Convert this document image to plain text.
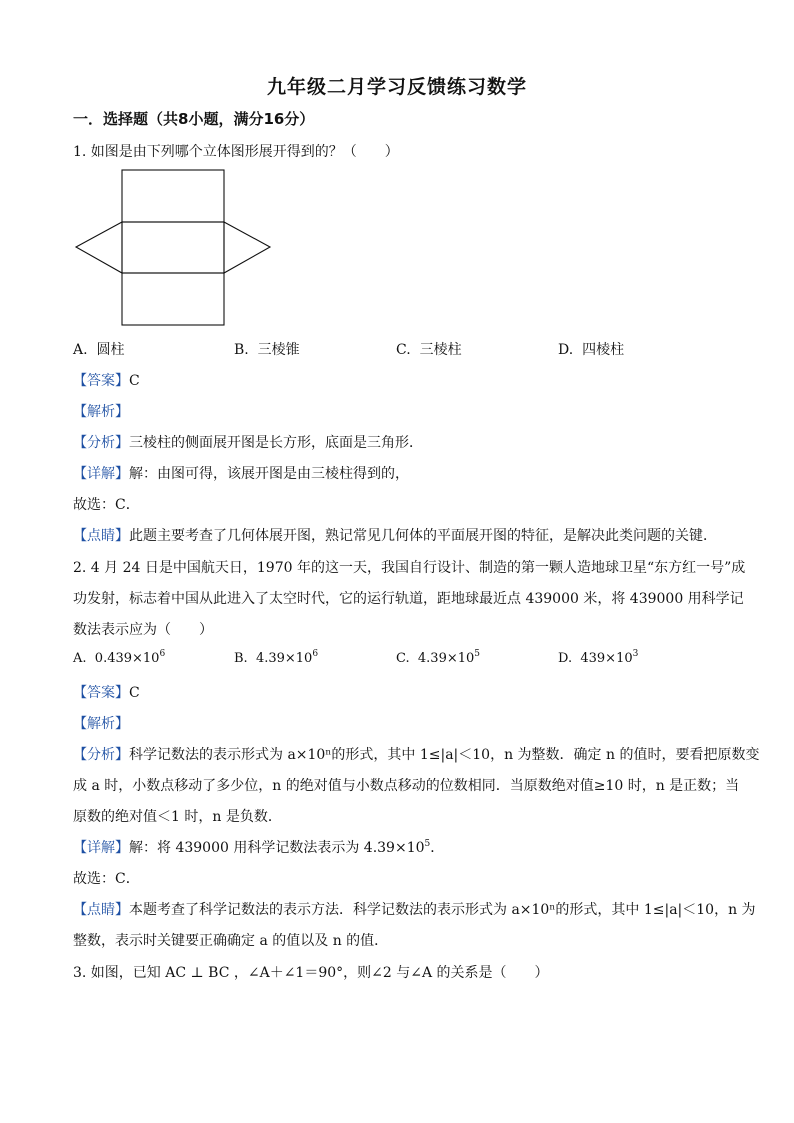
九年级二月学习反馈练习数学
一．选择题（共8小题，满分16分）
1. 如图是由下列哪个立体图形展开得到的？（　　）
A. 圆柱	B. 三棱锥	C. 三棱柱	D. 四棱柱
【答案】C
【解析】
【分析】三棱柱的侧面展开图是长方形，底面是三角形．
【详解】解：由图可得，该展开图是由三棱柱得到的，
故选：C．
【点睛】此题主要考查了几何体展开图，熟记常见几何体的平面展开图的特征，是解决此类问题的关键．
2. 4 月 24 日是中国航天日，1970 年的这一天，我国自行设计、制造的第一颗人造地球卫星“东方红一号”成
功发射，标志着中国从此进入了太空时代，它的运行轨道，距地球最近点 439000 米，将 439000 用科学记
数法表示应为（　　）
A. $0.439\times 10^6$	B. $4.39\times 10^6$	C. $4.39\times 10^5$	D. $439\times 10^3$
【答案】C
【解析】
【分析】科学记数法的表示形式为 a×10ⁿ的形式，其中 1≤|a|＜10，n 为整数．确定 n 的值时，要看把原数变
成 a 时，小数点移动了多少位，n 的绝对值与小数点移动的位数相同．当原数绝对值≥10 时，n 是正数；当
原数的绝对值＜1 时，n 是负数．
【详解】解：将 439000 用科学记数法表示为 $4.39\times 10^5$．
故选：C．
【点睛】本题考查了科学记数法的表示方法．科学记数法的表示形式为 a×10ⁿ的形式，其中 1≤|a|＜10，n 为
整数，表示时关键要正确确定 a 的值以及 n 的值．
3. 如图，已知 AC ⊥ BC ，∠A＋∠1＝90°，则∠2 与∠A 的关系是（　　）
